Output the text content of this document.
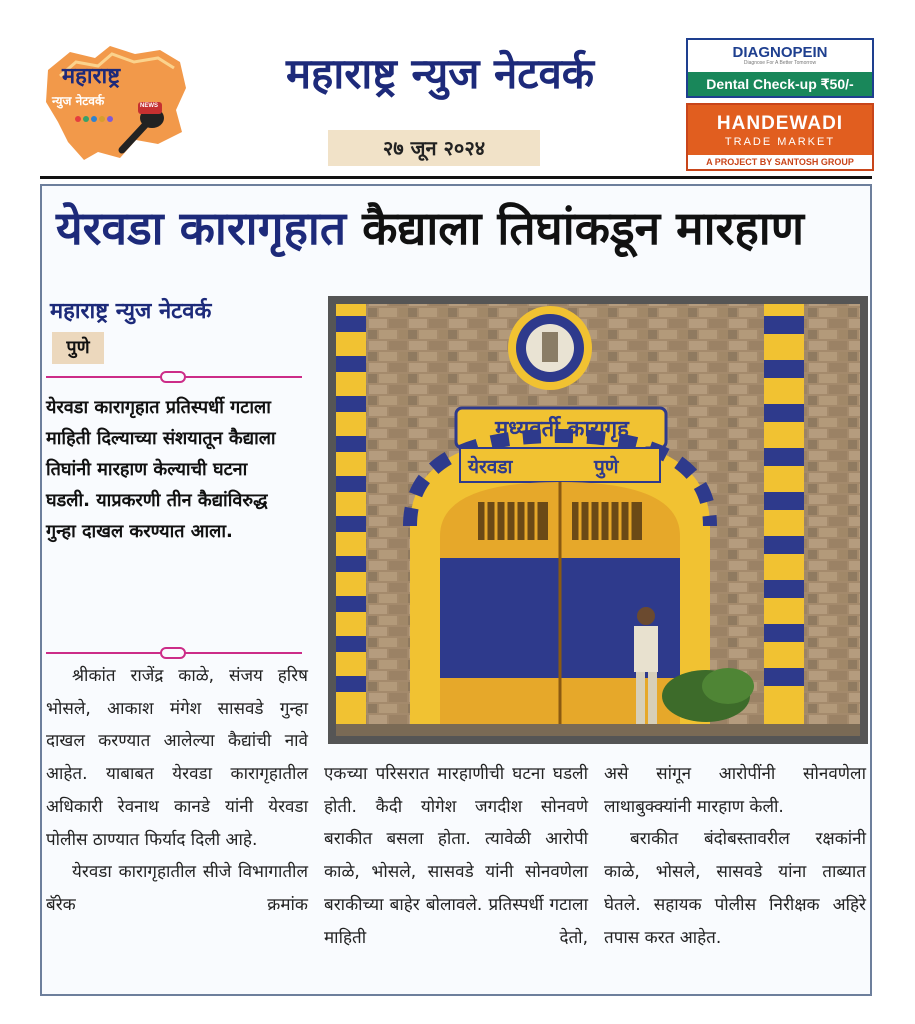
महाराष्ट्र
न्युज नेटवर्क	NEWS
महाराष्ट्र न्युज नेटवर्क
२७ जून २०२४
DIAGNOPEIN
Diagnose For A Better Tomorrow
Dental Check-up ₹50/-
HANDEWADI
TRADE MARKET
A PROJECT BY SANTOSH GROUP
येरवडा कारागृहात कैद्याला तिघांकडून मारहाण
महाराष्ट्र न्युज नेटवर्क
पुणे
येरवडा कारागृहात प्रतिस्पर्धी गटाला माहिती दिल्याच्या संशयातून कैद्याला तिघांनी मारहाण केल्याची घटना घडली. याप्रकरणी तीन कैद्यांविरुद्ध गुन्हा दाखल करण्यात आला.
मध्यवर्ती कारागृह
येरवडा	पुणे

श्रीकांत राजेंद्र काळे, संजय हरिष भोसले, आकाश मंगेश सासवडे गुन्हा दाखल करण्यात आलेल्या कैद्यांची नावे आहेत. याबाबत येरवडा कारागृहातील अधिकारी रेवनाथ कानडे यांनी येरवडा पोलीस ठाण्यात फिर्याद दिली आहे.

येरवडा कारागृहातील सीजे विभागातील बॅरेक क्रमांक

एकच्या परिसरात मारहाणीची घटना घडली होती. कैदी योगेश जगदीश सोनवणे बराकीत बसला होता. त्यावेळी आरोपी काळे, भोसले, सासवडे यांनी सोनवणेला बराकीच्या बाहेर बोलावले. प्रतिस्पर्धी गटाला माहिती देतो,

असे सांगून आरोपींनी सोनवणेला लाथाबुक्क्यांनी मारहाण केली.

बराकीत बंदोबस्तावरील रक्षकांनी काळे, भोसले, सासवडे यांना ताब्यात घेतले. सहायक पोलीस निरीक्षक अहिरे तपास करत आहेत.
